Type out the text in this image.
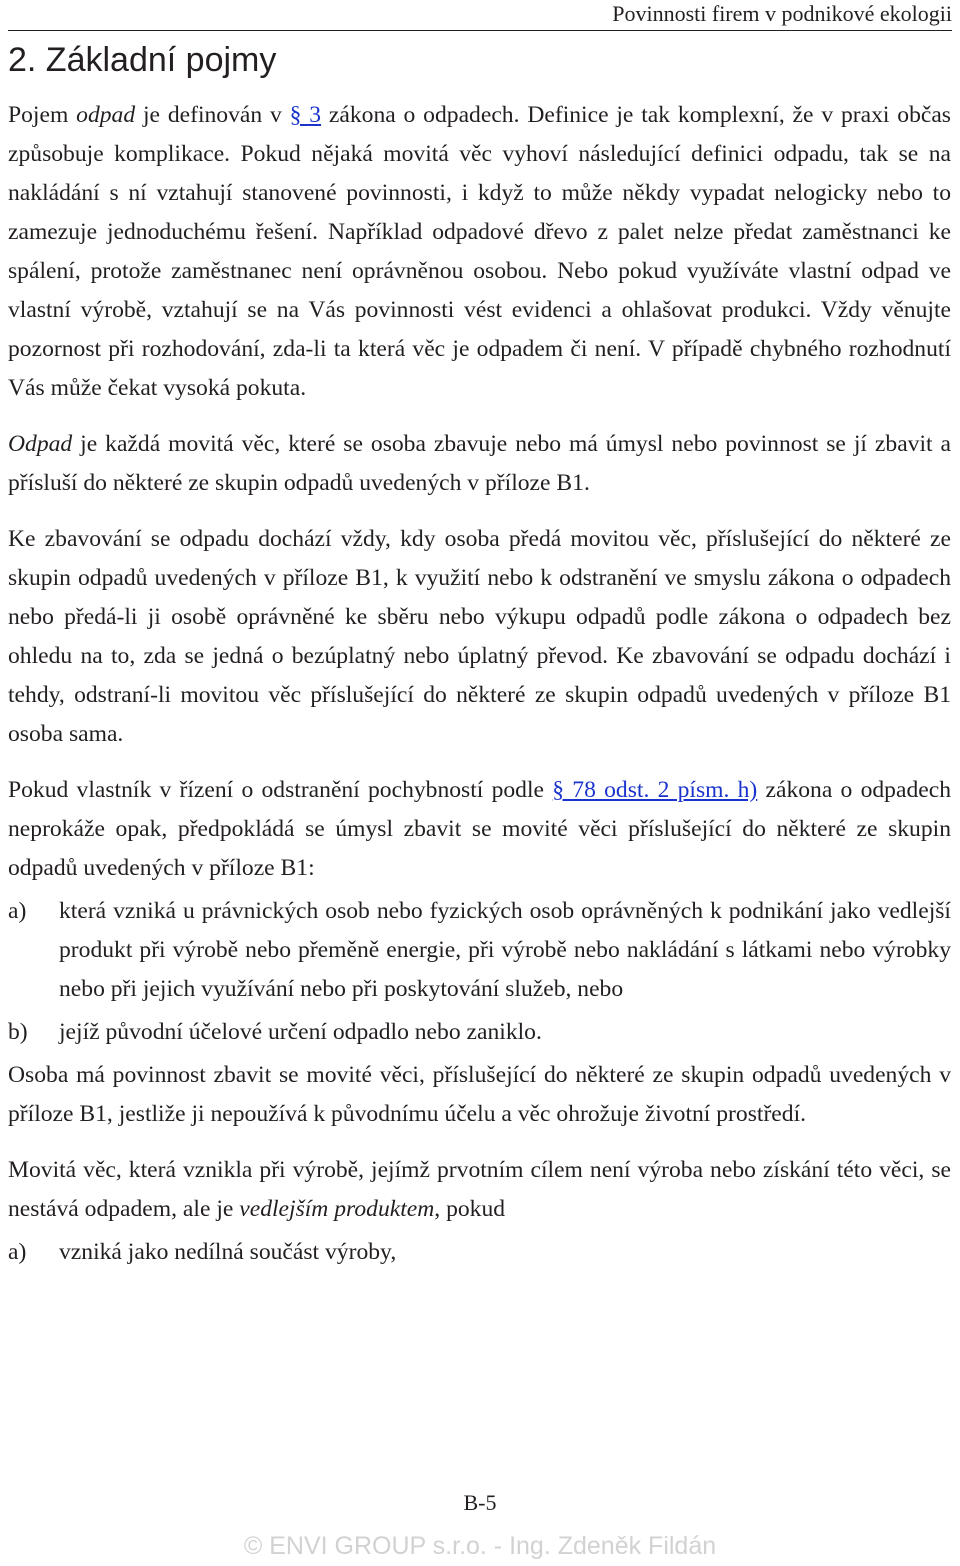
Povinnosti firem v podnikové ekologii
2. Základní pojmy

Pojem odpad je definován v § 3 zákona o odpadech. Definice je tak komplexní, že v praxi občas způsobuje komplikace. Pokud nějaká movitá věc vyhoví následující definici odpadu, tak se na nakládání s ní vztahují stanovené povinnosti, i když to může někdy vypadat nelogicky nebo to zamezuje jednoduchému řešení. Například odpadové dřevo z palet nelze předat zaměstnanci ke spálení, protože zaměstnanec není oprávněnou osobou. Nebo pokud využíváte vlastní odpad ve vlastní výrobě, vztahují se na Vás povinnosti vést evidenci a ohlašovat produkci. Vždy věnujte pozornost při rozhodování, zda-li ta která věc je odpadem či není. V případě chybného rozhodnutí Vás může čekat vysoká pokuta.

Odpad je každá movitá věc, které se osoba zbavuje nebo má úmysl nebo povinnost se jí zbavit a přísluší do některé ze skupin odpadů uvedených v příloze B1.

Ke zbavování se odpadu dochází vždy, kdy osoba předá movitou věc, příslušející do některé ze skupin odpadů uvedených v příloze B1, k využití nebo k odstranění ve smyslu zákona o odpadech nebo předá-li ji osobě oprávněné ke sběru nebo výkupu odpadů podle zákona o odpadech bez ohledu na to, zda se jedná o bezúplatný nebo úplatný převod. Ke zbavování se odpadu dochází i tehdy, odstraní-li movitou věc příslušející do některé ze skupin odpadů uvedených v příloze B1 osoba sama.

Pokud vlastník v řízení o odstranění pochybností podle § 78 odst. 2 písm. h) zákona o odpadech neprokáže opak, předpokládá se úmysl zbavit se movité věci příslušející do některé ze skupin odpadů uvedených v příloze B1:

a)	která vzniká u právnických osob nebo fyzických osob oprávněných k podnikání jako vedlejší produkt při výrobě nebo přeměně energie, při výrobě nebo nakládání s látkami nebo výrobky nebo při jejich využívání nebo při poskytování služeb, nebo
b)	jejíž původní účelové určení odpadlo nebo zaniklo.

Osoba má povinnost zbavit se movité věci, příslušející do některé ze skupin odpadů uvedených v příloze B1, jestliže ji nepoužívá k původnímu účelu a věc ohrožuje životní prostředí.

Movitá věc, která vznikla při výrobě, jejímž prvotním cílem není výroba nebo získání této věci, se nestává odpadem, ale je vedlejším produktem, pokud

a)	vzniká jako nedílná součást výroby,
B-5
© ENVI GROUP s.r.o. - Ing. Zdeněk Fildán
